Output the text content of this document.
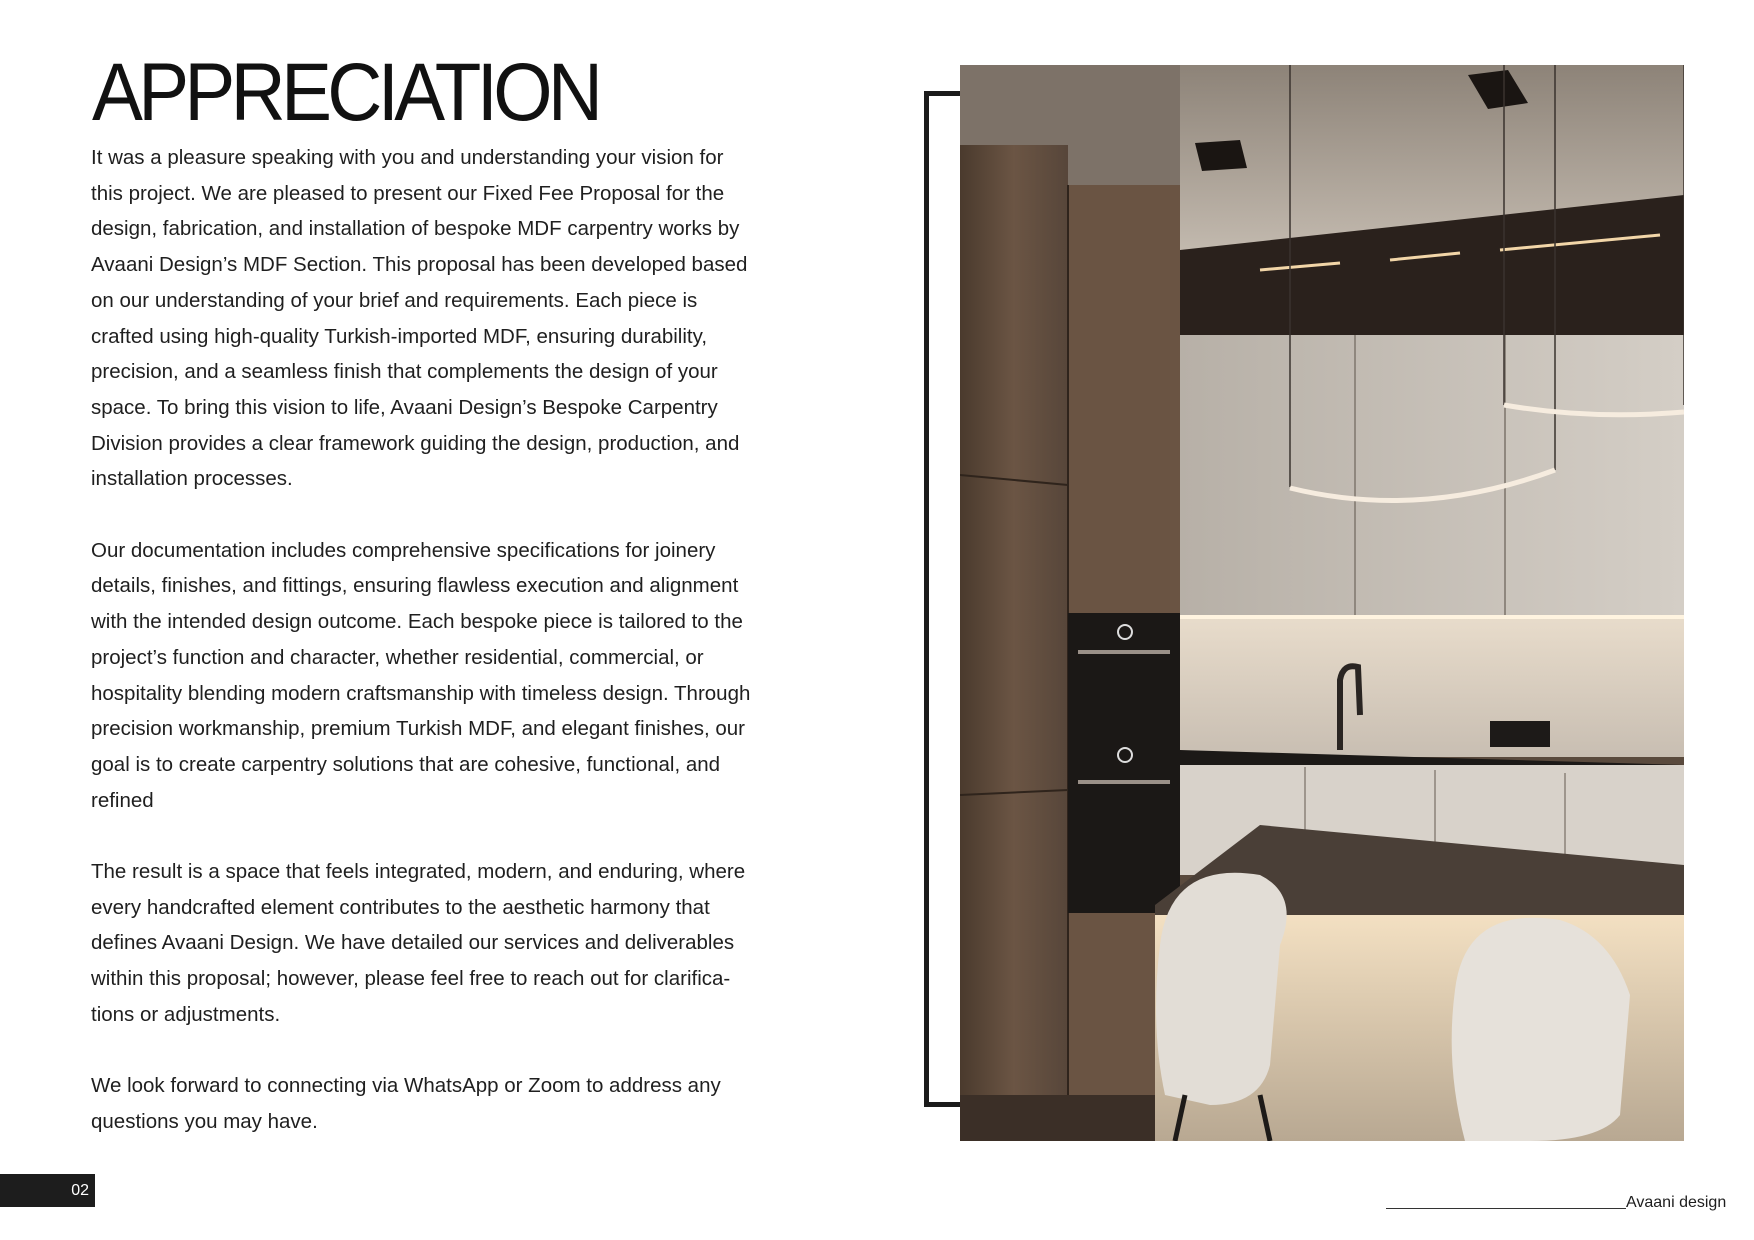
APPRECIATION

It was a pleasure speaking with you and understanding your vision for
this project. We are pleased to present our Fixed Fee Proposal for the
design, fabrication, and installation of bespoke MDF carpentry works by
Avaani Design’s MDF Section. This proposal has been developed based
on our understanding of your brief and requirements. Each piece is
crafted using high-quality Turkish-imported MDF, ensuring durability,
precision, and a seamless finish that complements the design of your
space. To bring this vision to life, Avaani Design’s Bespoke Carpentry
Division provides a clear framework guiding the design, production, and
installation processes.

Our documentation includes comprehensive specifications for joinery
details, finishes, and fittings, ensuring flawless execution and alignment
with the intended design outcome. Each bespoke piece is tailored to the
project’s function and character, whether residential, commercial, or
hospitality blending modern craftsmanship with timeless design. Through
precision workmanship, premium Turkish MDF, and elegant finishes, our
goal is to create carpentry solutions that are cohesive, functional, and
refined

The result is a space that feels integrated, modern, and enduring, where
every handcrafted element contributes to the aesthetic harmony that
defines Avaani Design. We have detailed our services and deliverables
within this proposal; however, please feel free to reach out for clarifica-
tions or adjustments.

We look forward to connecting via WhatsApp or Zoom to address any
questions you may have.

02
Avaani design
